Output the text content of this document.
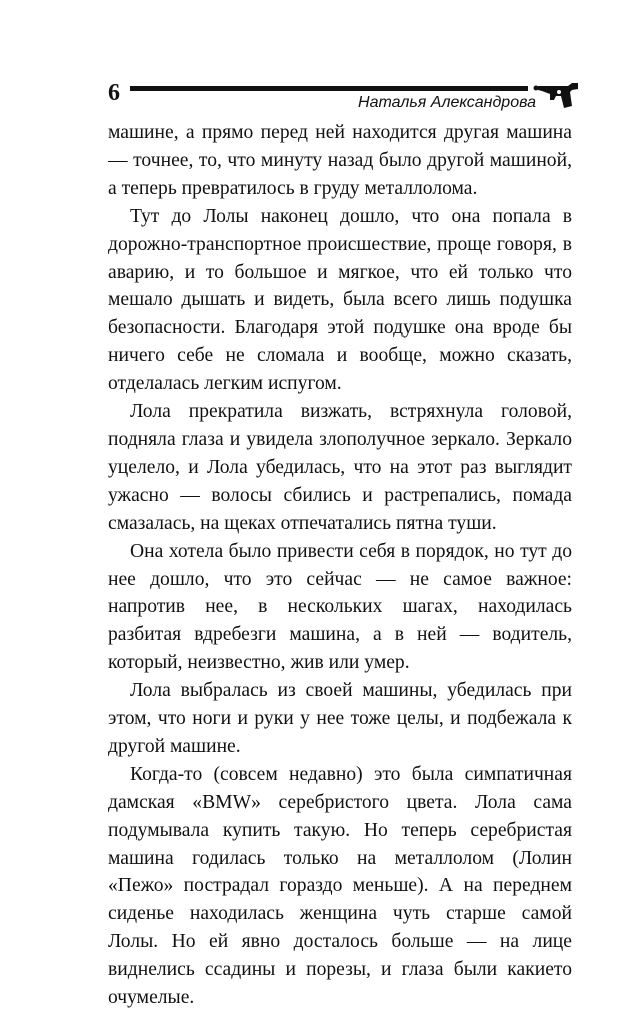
6	Наталья Александрова

машине, а прямо перед ней находится другая машина — точнее, то, что минуту назад было другой машиной, а теперь превратилось в груду металлолома.

Тут до Лолы наконец дошло, что она попала в дорожно-транспортное происшествие, проще говоря, в аварию, и то большое и мягкое, что ей только что мешало дышать и видеть, была всего лишь подушка безопасности. Благодаря этой подушке она вроде бы ничего себе не сломала и вообще, можно сказать, отделалась легким испугом.

Лола прекратила визжать, встряхнула головой, подняла глаза и увидела злополучное зеркало. Зеркало уцелело, и Лола убедилась, что на этот раз выглядит ужасно — волосы сбились и растрепались, помада смазалась, на щеках отпечатались пятна туши.

Она хотела было привести себя в порядок, но тут до нее дошло, что это сейчас — не самое важное: напротив нее, в нескольких шагах, находилась разбитая вдребезги машина, а в ней — водитель, который, неизвестно, жив или умер.

Лола выбралась из своей машины, убедилась при этом, что ноги и руки у нее тоже целы, и подбежала к другой машине.

Когда-то (совсем недавно) это была симпатичная дамская «BMW» серебристого цвета. Лола сама подумывала купить такую. Но теперь серебристая машина годилась только на металлолом (Лолин «Пежо» пострадал гораздо меньше). А на переднем сиденье находилась женщина чуть старше самой Лолы. Но ей явно досталось больше — на лице виднелись ссадины и порезы, и глаза были какието очумелые.
